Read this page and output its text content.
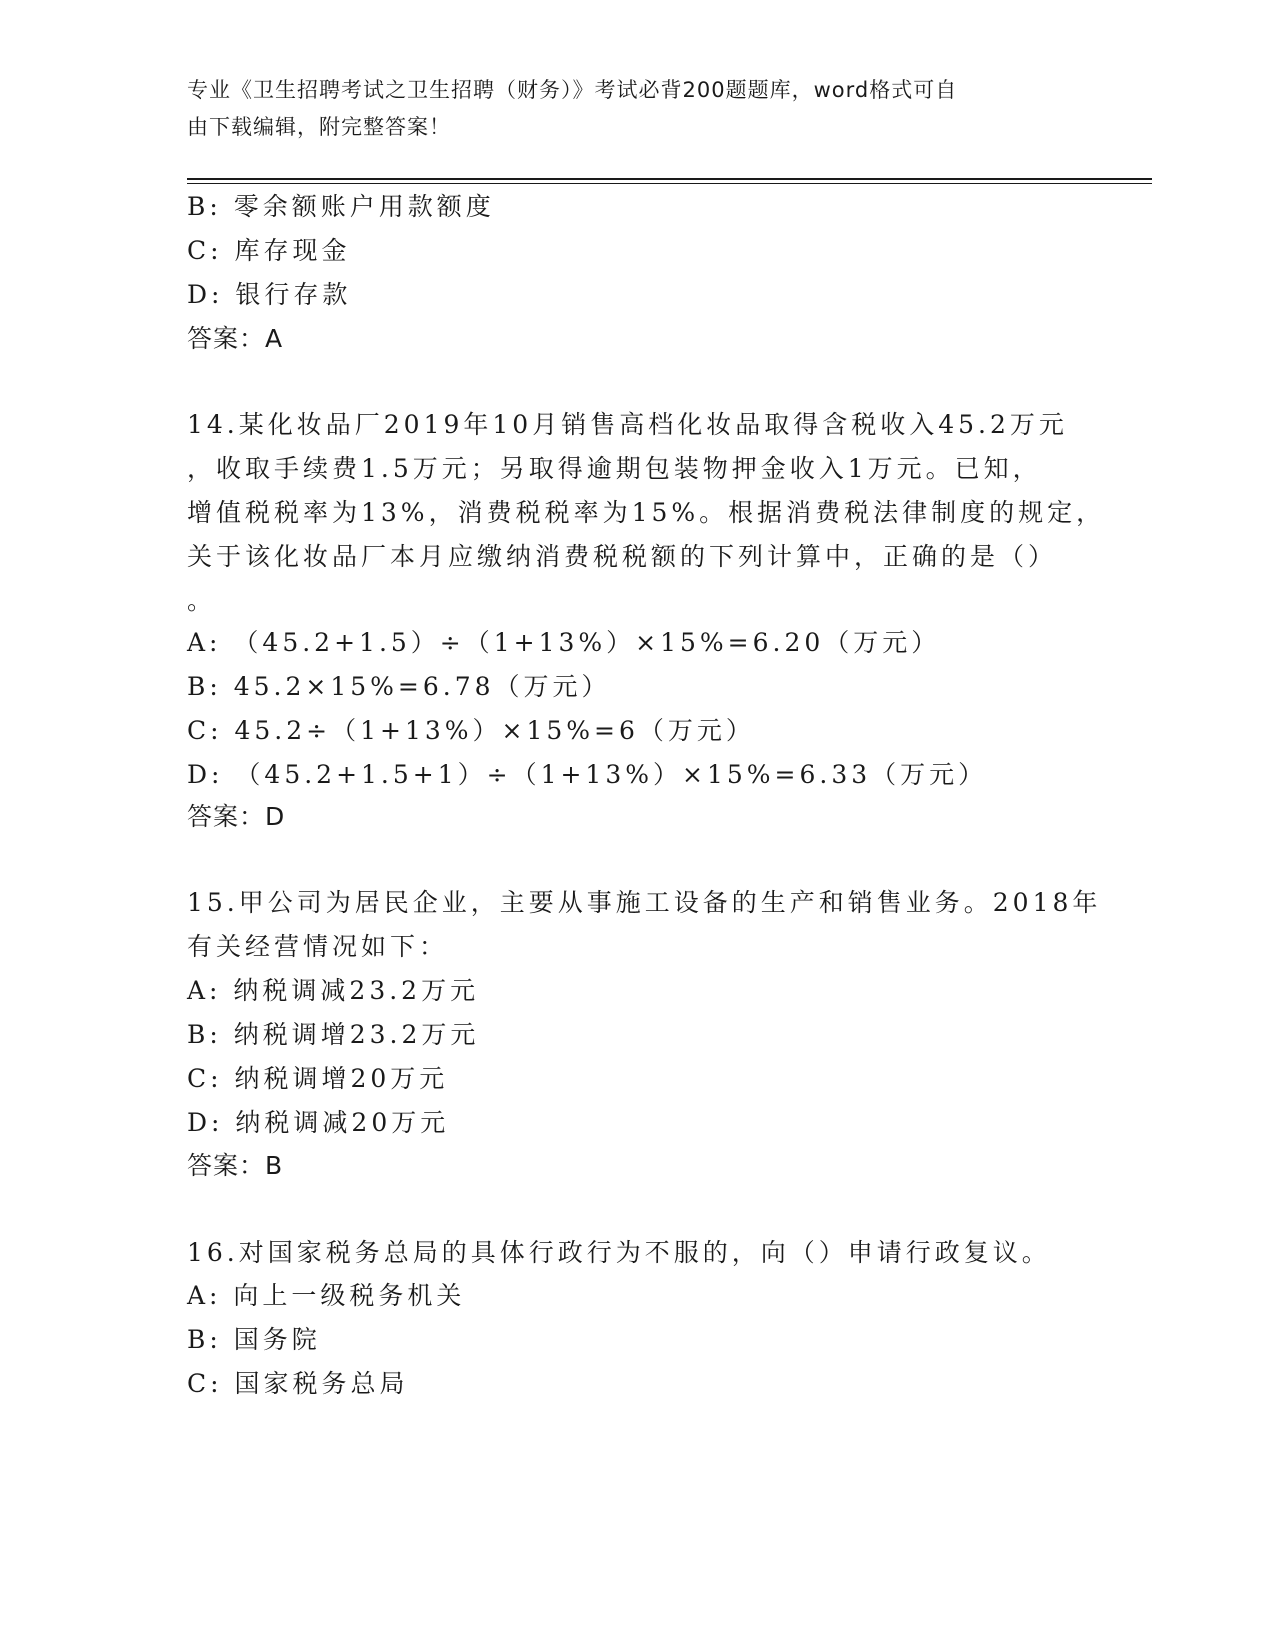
专业《卫生招聘考试之卫生招聘（财务）》考试必背200题题库，word格式可自
由下载编辑，附完整答案！
B: 零余额账户用款额度
C: 库存现金
D: 银行存款
答案：A
14.某化妆品厂2019年10月销售高档化妆品取得含税收入45.2万元
，收取手续费1.5万元；另取得逾期包装物押金收入1万元。已知，
增值税税率为13%，消费税税率为15%。根据消费税法律制度的规定，
关于该化妆品厂本月应缴纳消费税税额的下列计算中，正确的是（）
。
A: （45.2+1.5）÷（1+13%）×15%=6.20（万元）
B: 45.2×15%=6.78（万元）
C: 45.2÷（1+13%）×15%=6（万元）
D: （45.2+1.5+1）÷（1+13%）×15%=6.33（万元）
答案：D
15.甲公司为居民企业，主要从事施工设备的生产和销售业务。2018年
有关经营情况如下：
A: 纳税调减23.2万元
B: 纳税调增23.2万元
C: 纳税调增20万元
D: 纳税调减20万元
答案：B
16.对国家税务总局的具体行政行为不服的，向（）申请行政复议。
A: 向上一级税务机关
B: 国务院
C: 国家税务总局
